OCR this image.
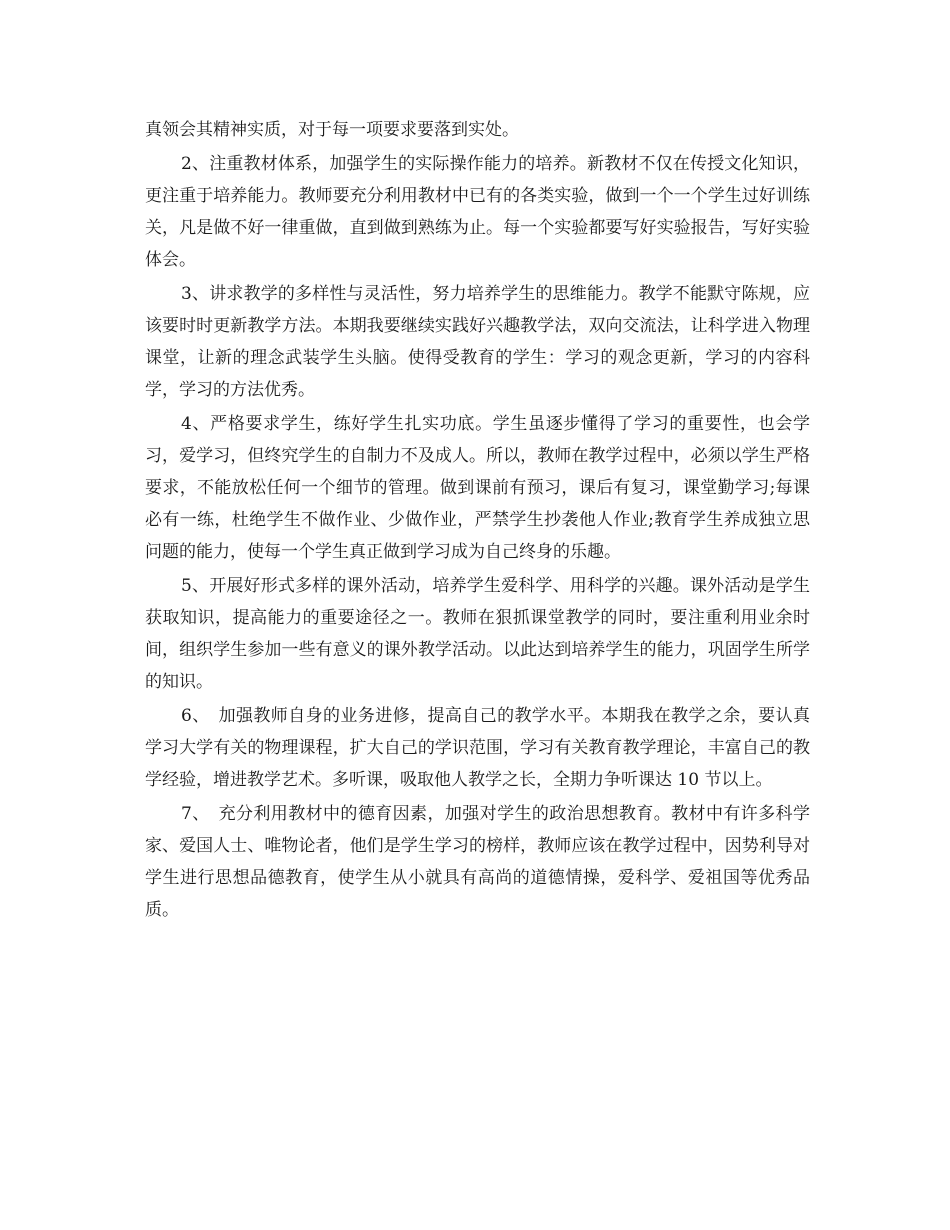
真领会其精神实质，对于每一项要求要落到实处。

2、注重教材体系，加强学生的实际操作能力的培养。新教材不仅在传授文化知识，更注重于培养能力。教师要充分利用教材中已有的各类实验，做到一个一个学生过好训练关，凡是做不好一律重做，直到做到熟练为止。每一个实验都要写好实验报告，写好实验体会。

3、讲求教学的多样性与灵活性，努力培养学生的思维能力。教学不能默守陈规，应该要时时更新教学方法。本期我要继续实践好兴趣教学法，双向交流法，让科学进入物理课堂，让新的理念武装学生头脑。使得受教育的学生：学习的观念更新，学习的内容科学，学习的方法优秀。

4、严格要求学生，练好学生扎实功底。学生虽逐步懂得了学习的重要性，也会学习，爱学习，但终究学生的自制力不及成人。所以，教师在教学过程中，必须以学生严格要求，不能放松任何一个细节的管理。做到课前有预习，课后有复习，课堂勤学习;每课必有一练，杜绝学生不做作业、少做作业，严禁学生抄袭他人作业;教育学生养成独立思问题的能力，使每一个学生真正做到学习成为自己终身的乐趣。

5、开展好形式多样的课外活动，培养学生爱科学、用科学的兴趣。课外活动是学生获取知识，提高能力的重要途径之一。教师在狠抓课堂教学的同时，要注重利用业余时间，组织学生参加一些有意义的课外教学活动。以此达到培养学生的能力，巩固学生所学的知识。

6、　加强教师自身的业务进修，提高自己的教学水平。本期我在教学之余，要认真学习大学有关的物理课程，扩大自己的学识范围，学习有关教育教学理论，丰富自己的教学经验，增进教学艺术。多听课，吸取他人教学之长，全期力争听课达 10 节以上。

7、　充分利用教材中的德育因素，加强对学生的政治思想教育。教材中有许多科学家、爱国人士、唯物论者，他们是学生学习的榜样，教师应该在教学过程中，因势利导对学生进行思想品德教育，使学生从小就具有高尚的道德情操，爱科学、爱祖国等优秀品质。
